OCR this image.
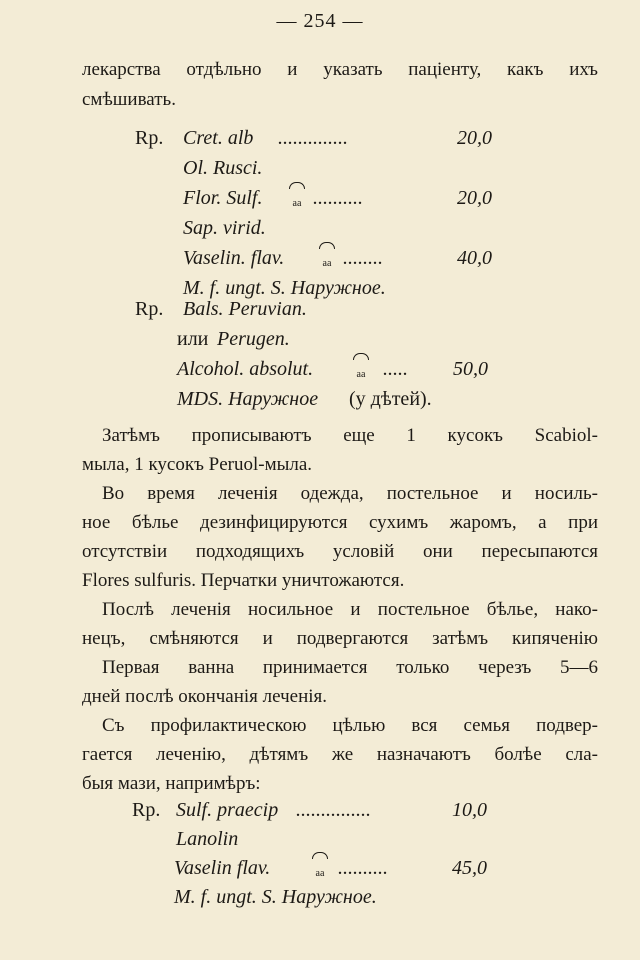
— 254 —
лекарства отдѣльно и указать паціенту, какъ ихъ
смѣшивать.
Rp. Cret. alb ..............	20,0
Ol. Rusci.
Flor. Sulf.	aa ..........	20,0
Sap. virid.
Vaselin. flav.	aa ........	40,0
M. f. ungt. S. Наружное.
Rp. Bals. Peruvian.
или Perugen.
Alcohol. absolut.	aa ..... 50,0
MDS. Наружное (у дѣтей).
Затѣмъ прописываютъ еще 1 кусокъ Scabiol-
мыла, 1 кусокъ Peruol-мыла.
Во время леченія одежда, постельное и носиль-
ное бѣлье дезинфицируются сухимъ жаромъ, а при
отсутствіи подходящихъ условій они пересыпаются
Flores sulfuris. Перчатки уничтожаются.
Послѣ леченія носильное и постельное бѣлье, нако-
нецъ, смѣняются и подвергаются затѣмъ кипяченію
Первая ванна принимается только черезъ 5—6
дней послѣ окончанія леченія.
Съ профилактическою цѣлью вся семья подвер-
гается леченію, дѣтямъ же назначаютъ болѣе сла-
быя мази, напримѣръ:
Rp. Sulf. praecip ...............	10,0
Lanolin
Vaselin flav.	aa ..........	45,0
M. f. ungt. S. Наружное.
